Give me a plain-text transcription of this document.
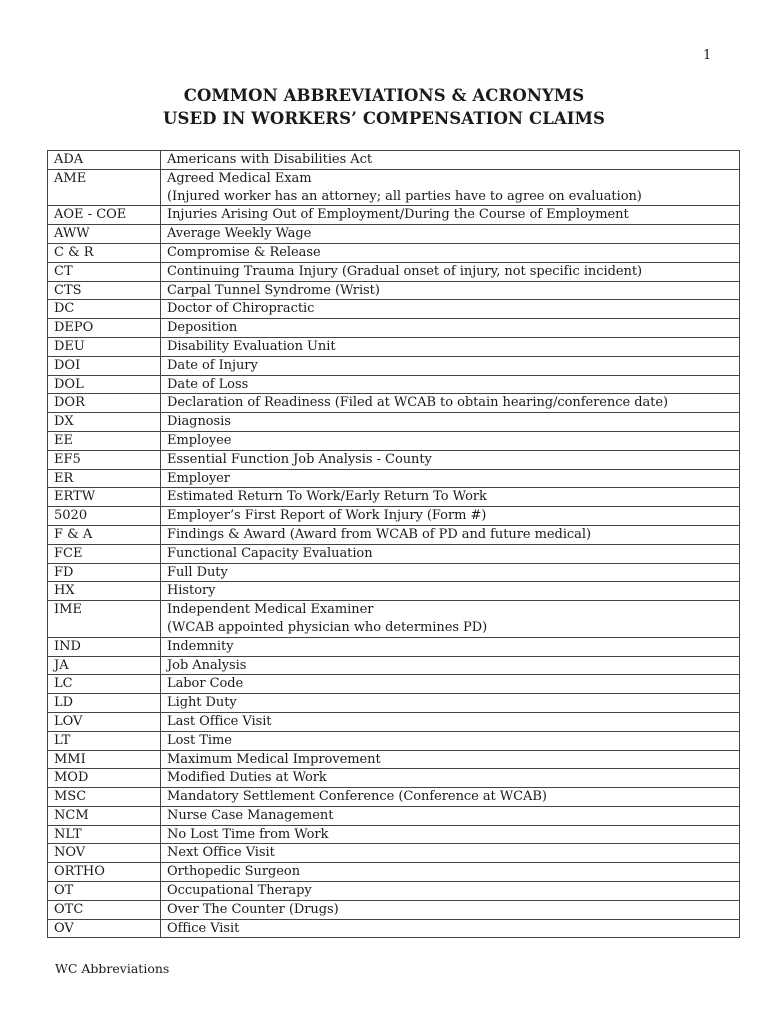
1
COMMON ABBREVIATIONS & ACRONYMS
USED IN WORKERS’ COMPENSATION CLAIMS
ADA	Americans with Disabilities Act

AME	Agreed Medical Exam
(Injured worker has an attorney; all parties have to agree on evaluation)

AOE - COE	Injuries Arising Out of Employment/During the Course of Employment

AWW	Average Weekly Wage

C & R	Compromise & Release

CT	Continuing Trauma Injury (Gradual onset of injury, not specific incident)

CTS	Carpal Tunnel Syndrome (Wrist)

DC	Doctor of Chiropractic

DEPO	Deposition

DEU	Disability Evaluation Unit

DOI	Date of Injury

DOL	Date of Loss

DOR	Declaration of Readiness (Filed at WCAB to obtain hearing/conference date)

DX	Diagnosis

EE	Employee

EF5	Essential Function Job Analysis - County

ER	Employer

ERTW	Estimated Return To Work/Early Return To Work

5020	Employer’s First Report of Work Injury (Form #)

F & A	Findings & Award (Award from WCAB of PD and future medical)

FCE	Functional Capacity Evaluation

FD	Full Duty

HX	History

IME	Independent Medical Examiner
(WCAB appointed physician who determines PD)

IND	Indemnity

JA	Job Analysis

LC	Labor Code

LD	Light Duty

LOV	Last Office Visit

LT	Lost Time

MMI	Maximum Medical Improvement

MOD	Modified Duties at Work

MSC	Mandatory Settlement Conference (Conference at WCAB)

NCM	Nurse Case Management

NLT	No Lost Time from Work

NOV	Next Office Visit

ORTHO	Orthopedic Surgeon

OT	Occupational Therapy

OTC	Over The Counter (Drugs)

OV	Office Visit
WC Abbreviations
